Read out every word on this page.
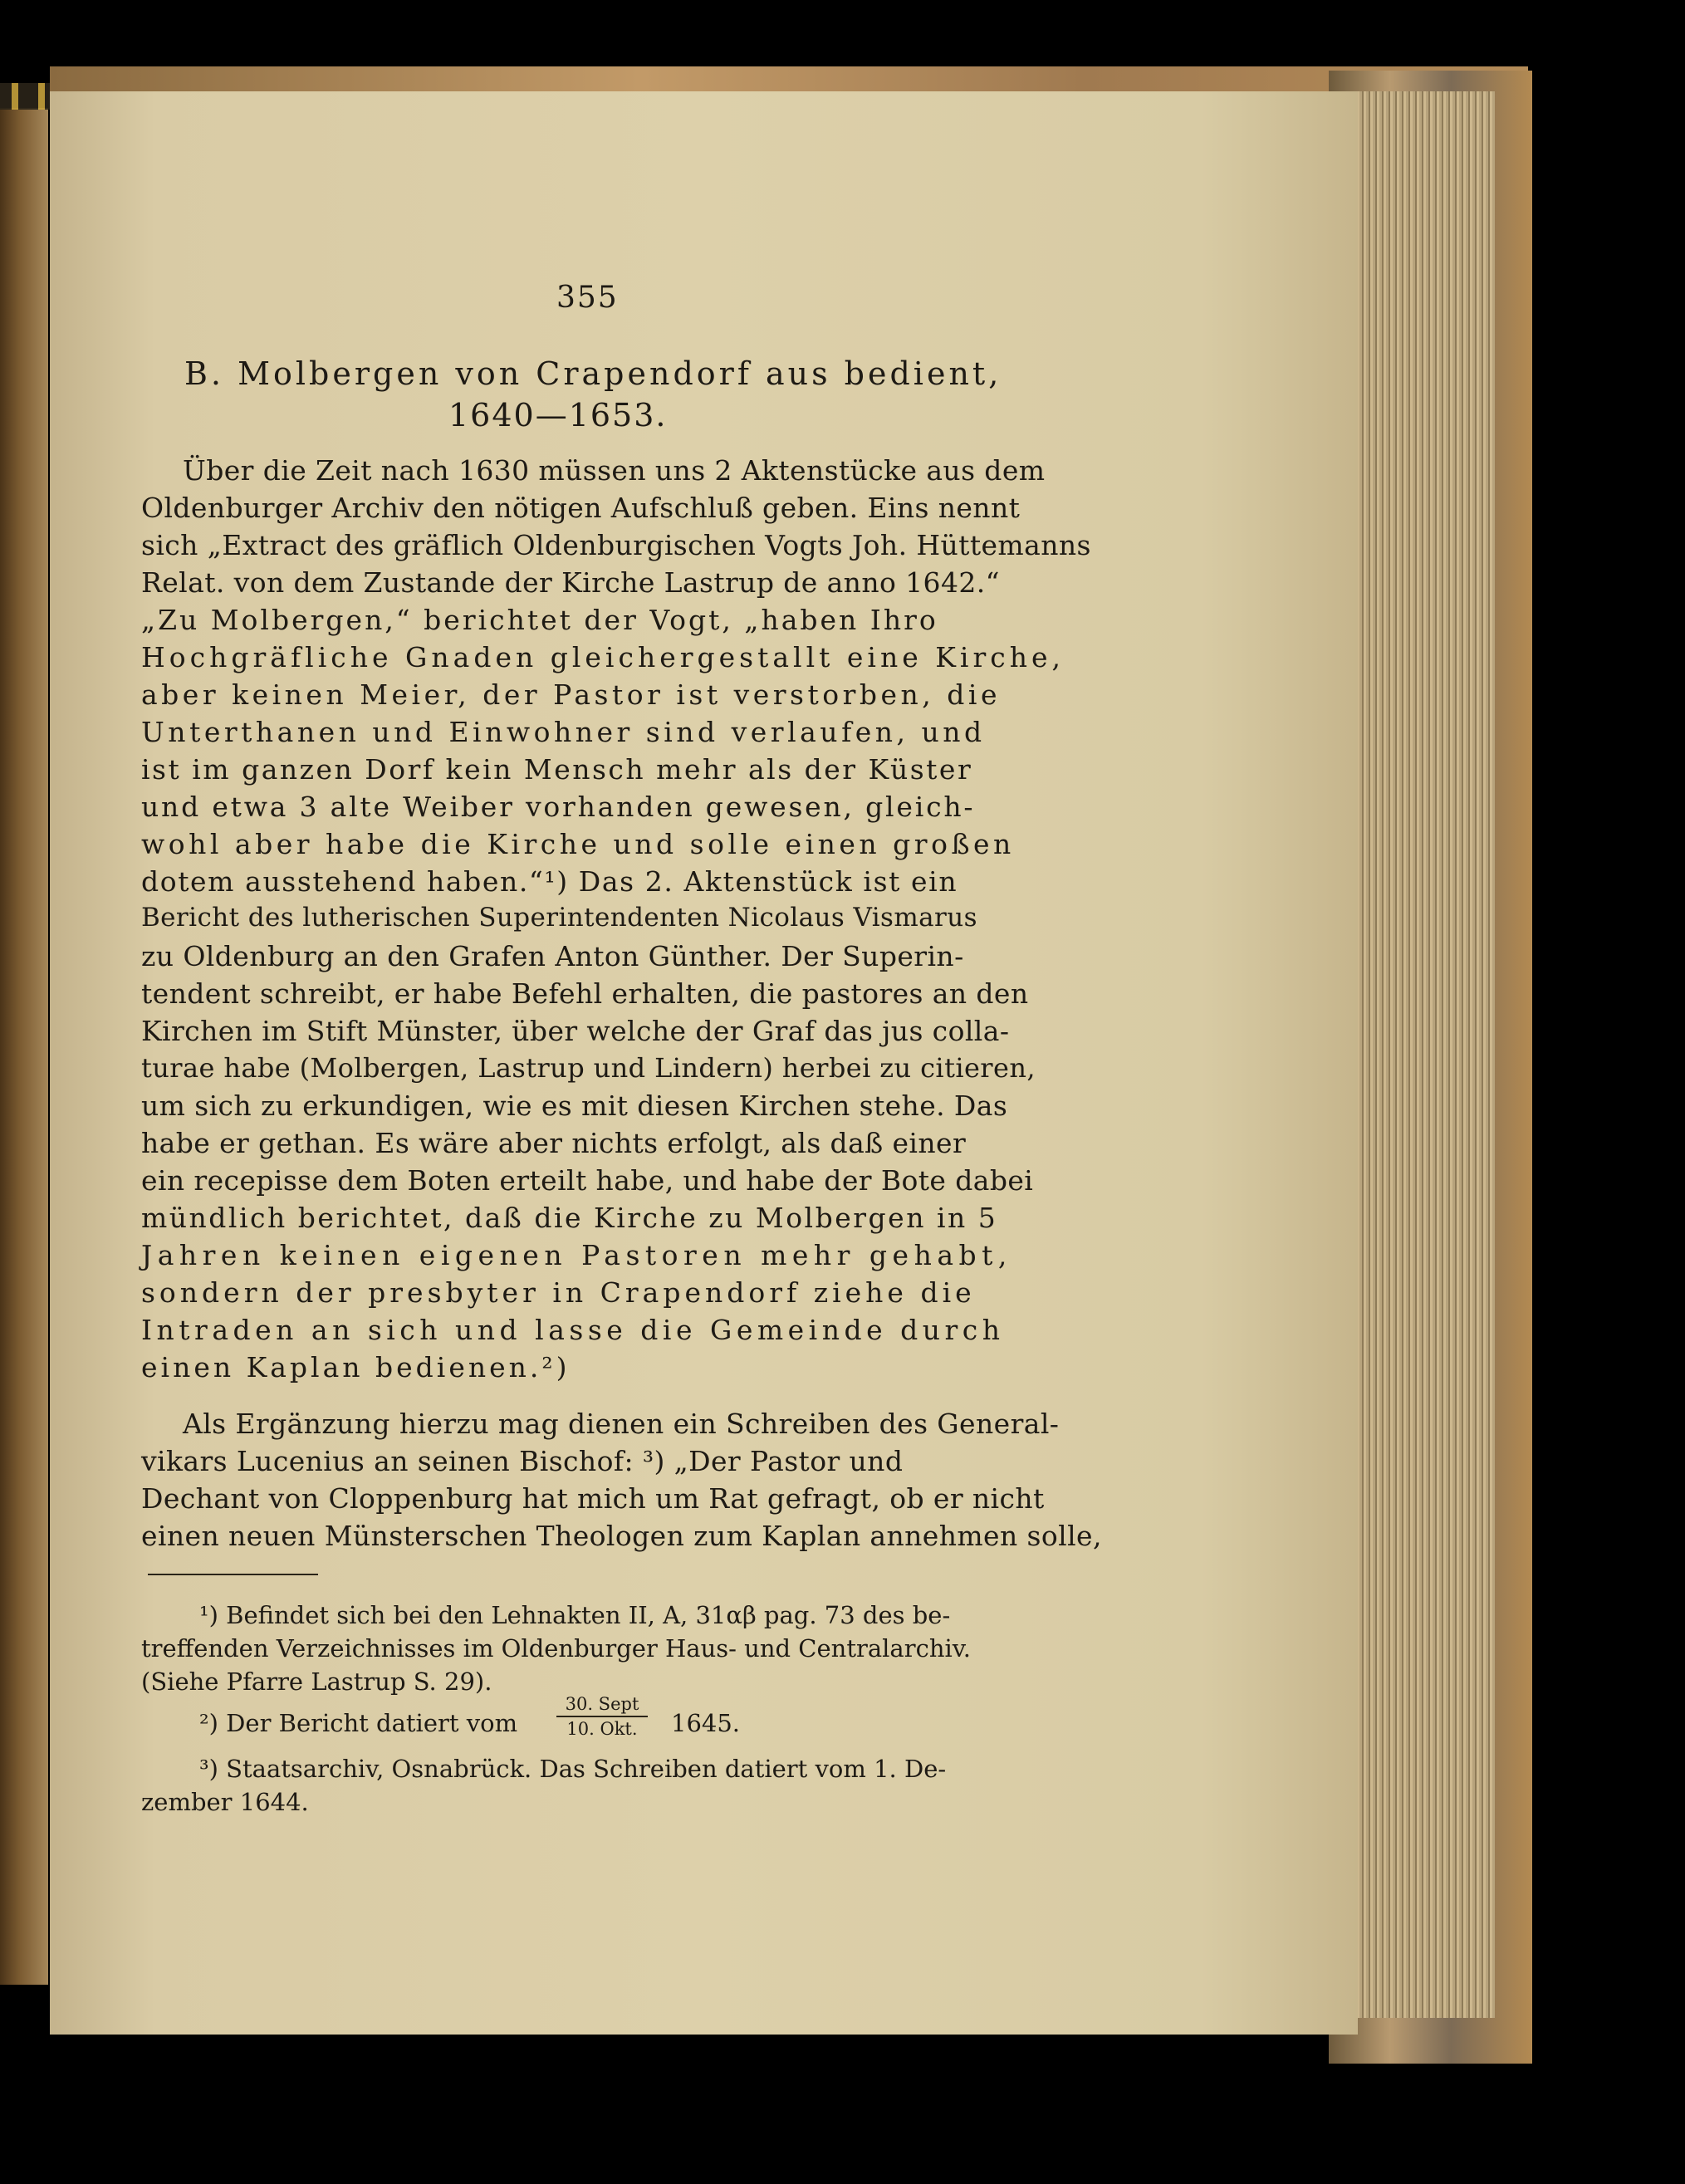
355
B. Molbergen von Crapendorf aus bedient,
1640—1653.
Über die Zeit nach 1630 müssen uns 2 Aktenstücke aus dem
Oldenburger Archiv den nötigen Aufschluß geben. Eins nennt
sich „Extract des gräflich Oldenburgischen Vogts Joh. Hüttemanns
Relat. von dem Zustande der Kirche Lastrup de anno 1642.“
„Zu Molbergen,“ berichtet der Vogt, „haben Ihro
Hochgräfliche Gnaden gleichergestallt eine Kirche,
aber keinen Meier, der Pastor ist verstorben, die
Unterthanen und Einwohner sind verlaufen, und
ist im ganzen Dorf kein Mensch mehr als der Küster
und etwa 3 alte Weiber vorhanden gewesen, gleich-
wohl aber habe die Kirche und solle einen großen
dotem ausstehend haben.“¹) Das 2. Aktenstück ist ein
Bericht des lutherischen Superintendenten Nicolaus Vismarus
zu Oldenburg an den Grafen Anton Günther. Der Superin-
tendent schreibt, er habe Befehl erhalten, die pastores an den
Kirchen im Stift Münster, über welche der Graf das jus colla-
turae habe (Molbergen, Lastrup und Lindern) herbei zu citieren,
um sich zu erkundigen, wie es mit diesen Kirchen stehe. Das
habe er gethan. Es wäre aber nichts erfolgt, als daß einer
ein recepisse dem Boten erteilt habe, und habe der Bote dabei
mündlich berichtet, daß die Kirche zu Molbergen in 5
Jahren keinen eigenen Pastoren mehr gehabt,
sondern der presbyter in Crapendorf ziehe die
Intraden an sich und lasse die Gemeinde durch
einen Kaplan bedienen.²)
Als Ergänzung hierzu mag dienen ein Schreiben des General-
vikars Lucenius an seinen Bischof: ³) „Der Pastor und
Dechant von Cloppenburg hat mich um Rat gefragt, ob er nicht
einen neuen Münsterschen Theologen zum Kaplan annehmen solle,
¹) Befindet sich bei den Lehnakten II, A, 31αβ pag. 73 des be-
treffenden Verzeichnisses im Oldenburger Haus- und Centralarchiv.
(Siehe Pfarre Lastrup S. 29).
²) Der Bericht datiert vom
30. Sept
10. Okt.	1645.
³) Staatsarchiv, Osnabrück. Das Schreiben datiert vom 1. De-
zember 1644.
